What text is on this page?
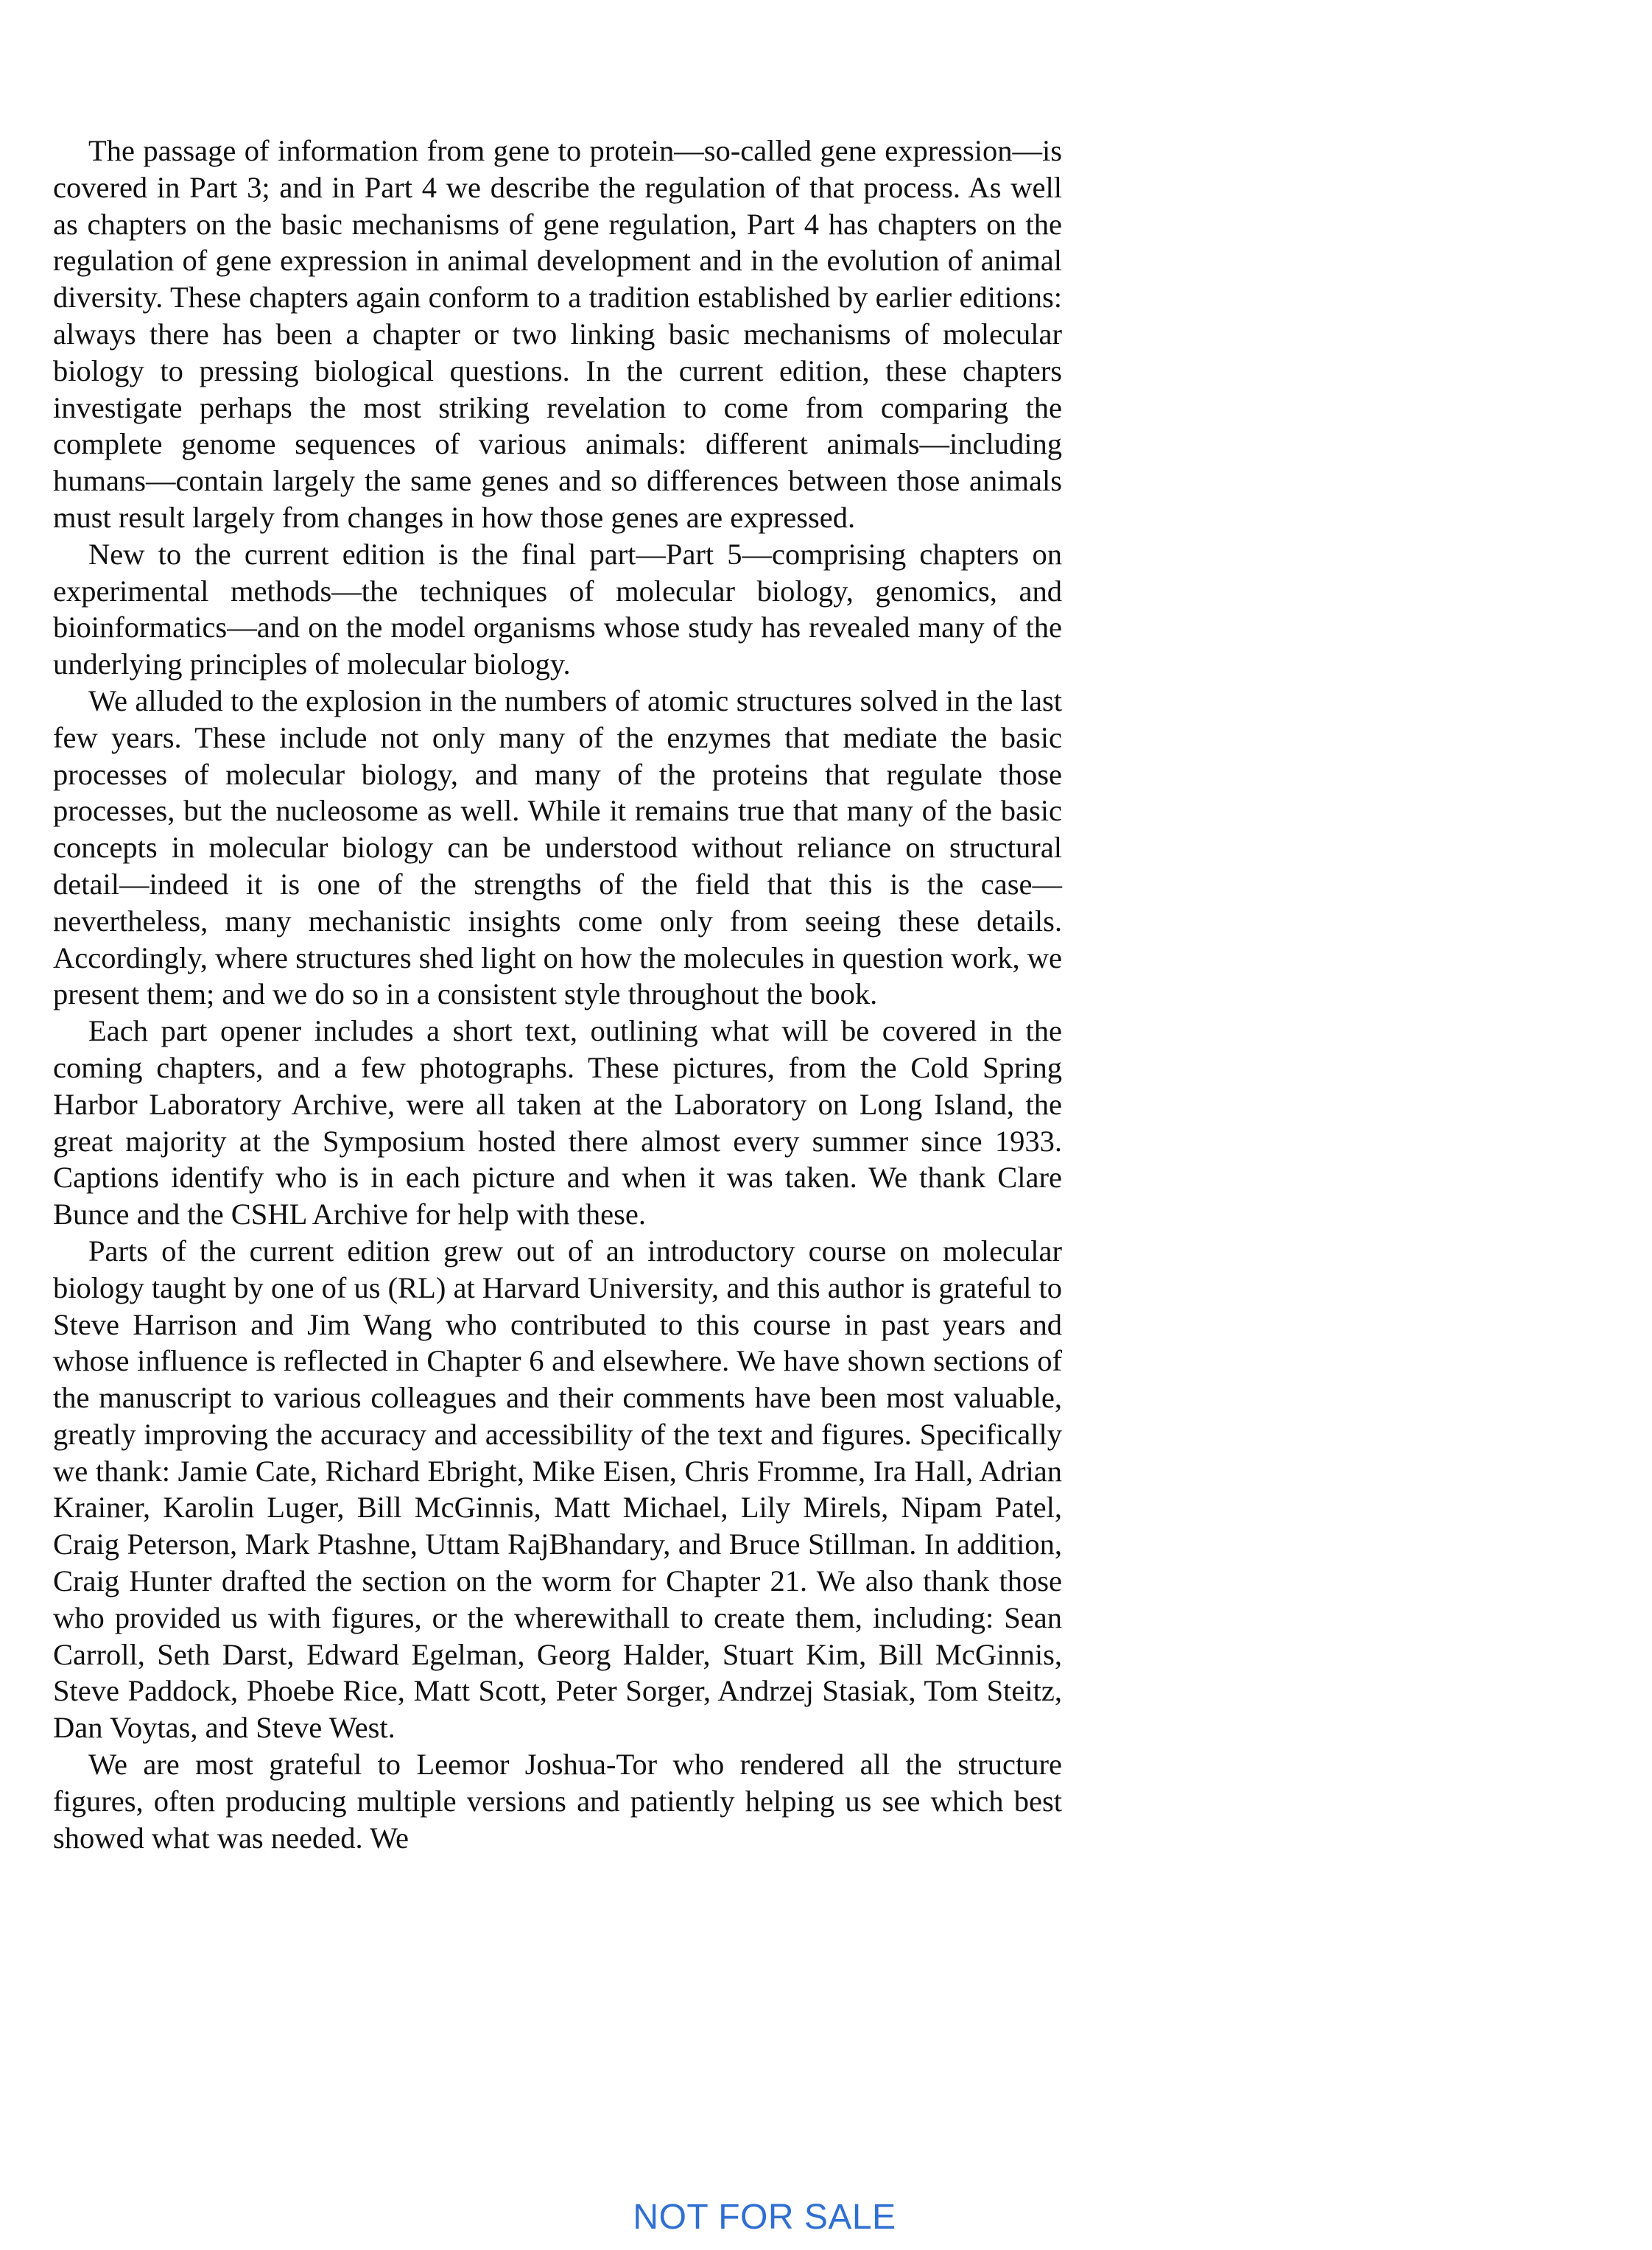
The passage of information from gene to protein—so-called gene expression—is covered in Part 3; and in Part 4 we describe the regulation of that process. As well as chapters on the basic mechanisms of gene regulation, Part 4 has chapters on the regulation of gene expression in animal development and in the evolution of animal diversity. These chapters again conform to a tradition established by earlier editions: always there has been a chapter or two linking basic mechanisms of molecular biology to pressing biological questions. In the current edition, these chapters investigate perhaps the most striking revelation to come from comparing the complete genome sequences of various animals: different animals—including humans—contain largely the same genes and so differences between those animals must result largely from changes in how those genes are expressed.

New to the current edition is the final part—Part 5—comprising chapters on experimental methods—the techniques of molecular biology, genomics, and bioinformatics—and on the model organisms whose study has revealed many of the underlying principles of molecular biology.

We alluded to the explosion in the numbers of atomic structures solved in the last few years. These include not only many of the enzymes that mediate the basic processes of molecular biology, and many of the proteins that regulate those processes, but the nucleosome as well. While it remains true that many of the basic concepts in molecular biology can be understood without reliance on structural detail—indeed it is one of the strengths of the field that this is the case—nevertheless, many mechanistic insights come only from seeing these details. Accordingly, where structures shed light on how the molecules in question work, we present them; and we do so in a consistent style throughout the book.

Each part opener includes a short text, outlining what will be covered in the coming chapters, and a few photographs. These pictures, from the Cold Spring Harbor Laboratory Archive, were all taken at the Laboratory on Long Island, the great majority at the Symposium hosted there almost every summer since 1933. Captions identify who is in each picture and when it was taken. We thank Clare Bunce and the CSHL Archive for help with these.

Parts of the current edition grew out of an introductory course on molecular biology taught by one of us (RL) at Harvard University, and this author is grateful to Steve Harrison and Jim Wang who contributed to this course in past years and whose influence is reflected in Chapter 6 and elsewhere. We have shown sections of the manuscript to various colleagues and their comments have been most valuable, greatly improving the accuracy and accessibility of the text and figures. Specifically we thank: Jamie Cate, Richard Ebright, Mike Eisen, Chris Fromme, Ira Hall, Adrian Krainer, Karolin Luger, Bill McGinnis, Matt Michael, Lily Mirels, Nipam Patel, Craig Peterson, Mark Ptashne, Uttam RajBhandary, and Bruce Stillman. In addition, Craig Hunter drafted the section on the worm for Chapter 21. We also thank those who provided us with figures, or the wherewithall to create them, including: Sean Carroll, Seth Darst, Edward Egelman, Georg Halder, Stuart Kim, Bill McGinnis, Steve Paddock, Phoebe Rice, Matt Scott, Peter Sorger, Andrzej Stasiak, Tom Steitz, Dan Voytas, and Steve West.

We are most grateful to Leemor Joshua-Tor who rendered all the structure figures, often producing multiple versions and patiently helping us see which best showed what was needed. We

NOT FOR SALE
